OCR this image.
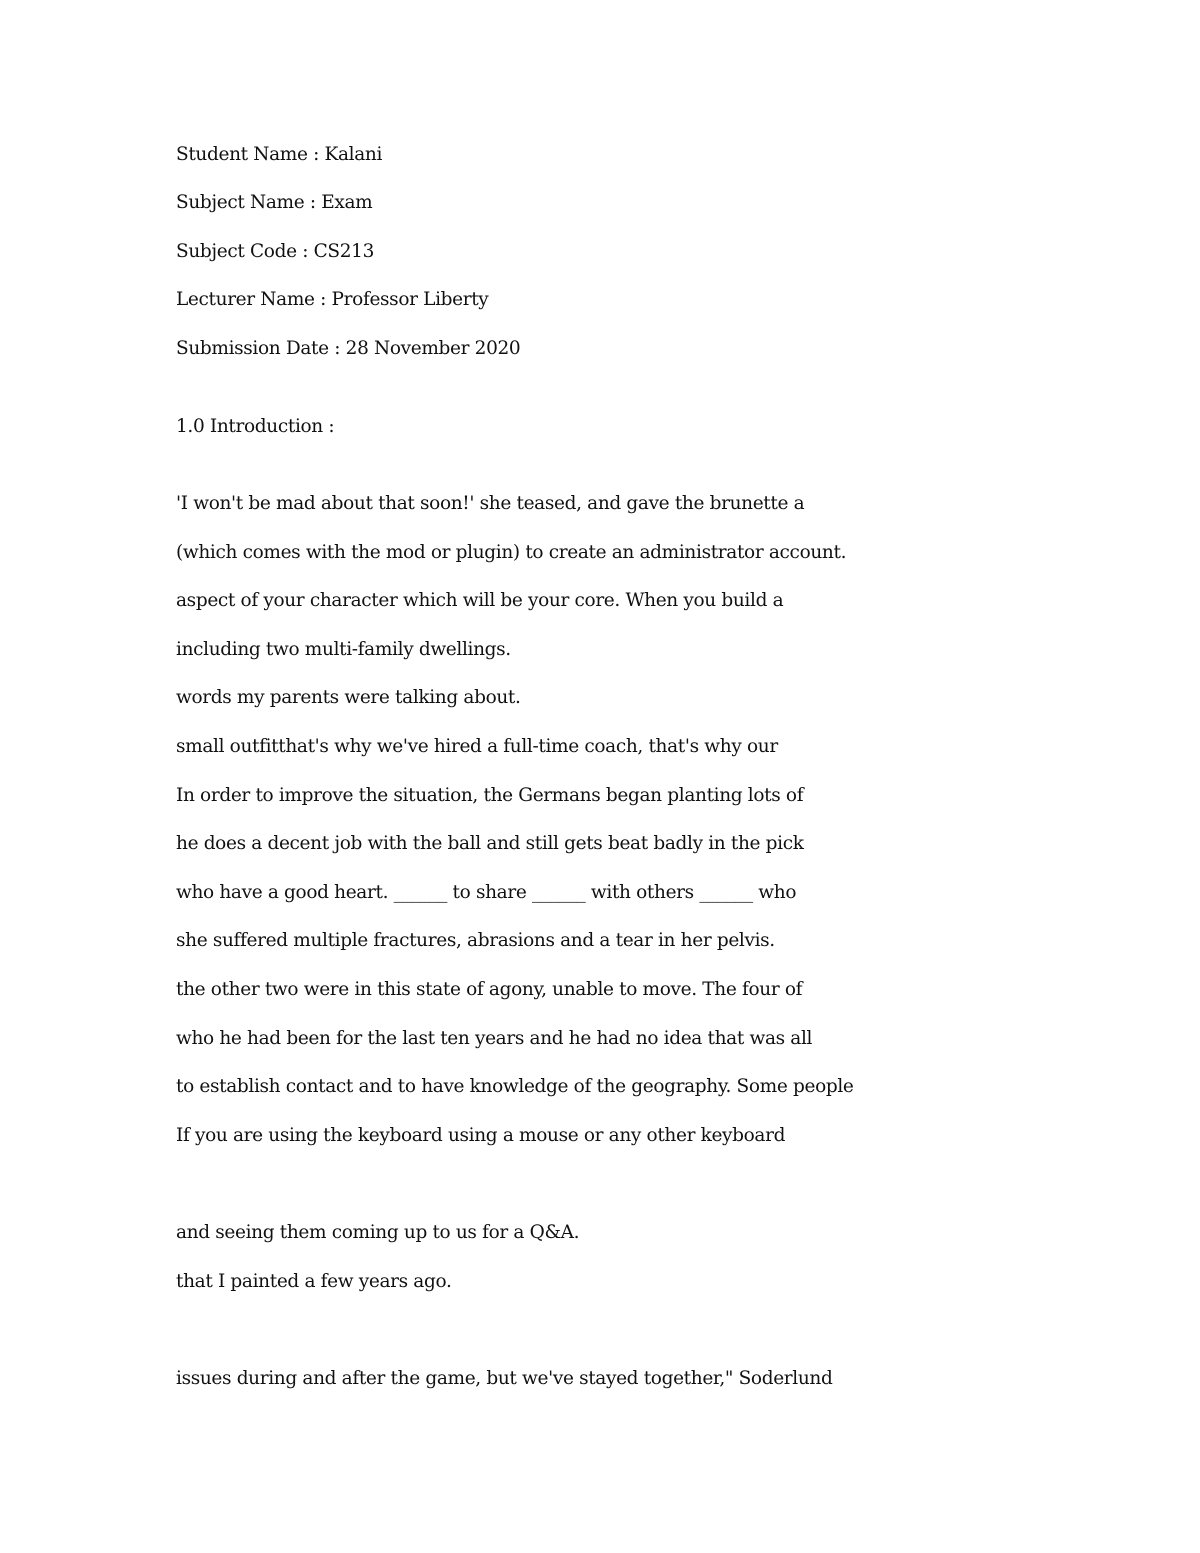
Student Name : Kalani
Subject Name : Exam
Subject Code : CS213
Lecturer Name : Professor Liberty
Submission Date : 28 November 2020
1.0 Introduction :
'I won't be mad about that soon!' she teased, and gave the brunette a
(which comes with the mod or plugin) to create an administrator account.
aspect of your character which will be your core. When you build a
including two multi-family dwellings.
words my parents were talking about.
small outfitthat's why we've hired a full-time coach, that's why our
In order to improve the situation, the Germans began planting lots of
he does a decent job with the ball and still gets beat badly in the pick
who have a good heart. ______ to share ______ with others ______ who
she suffered multiple fractures, abrasions and a tear in her pelvis.
the other two were in this state of agony, unable to move. The four of
who he had been for the last ten years and he had no idea that was all
to establish contact and to have knowledge of the geography. Some people
If you are using the keyboard using a mouse or any other keyboard
and seeing them coming up to us for a Q&A.
that I painted a few years ago.
issues during and after the game, but we've stayed together," Soderlund
